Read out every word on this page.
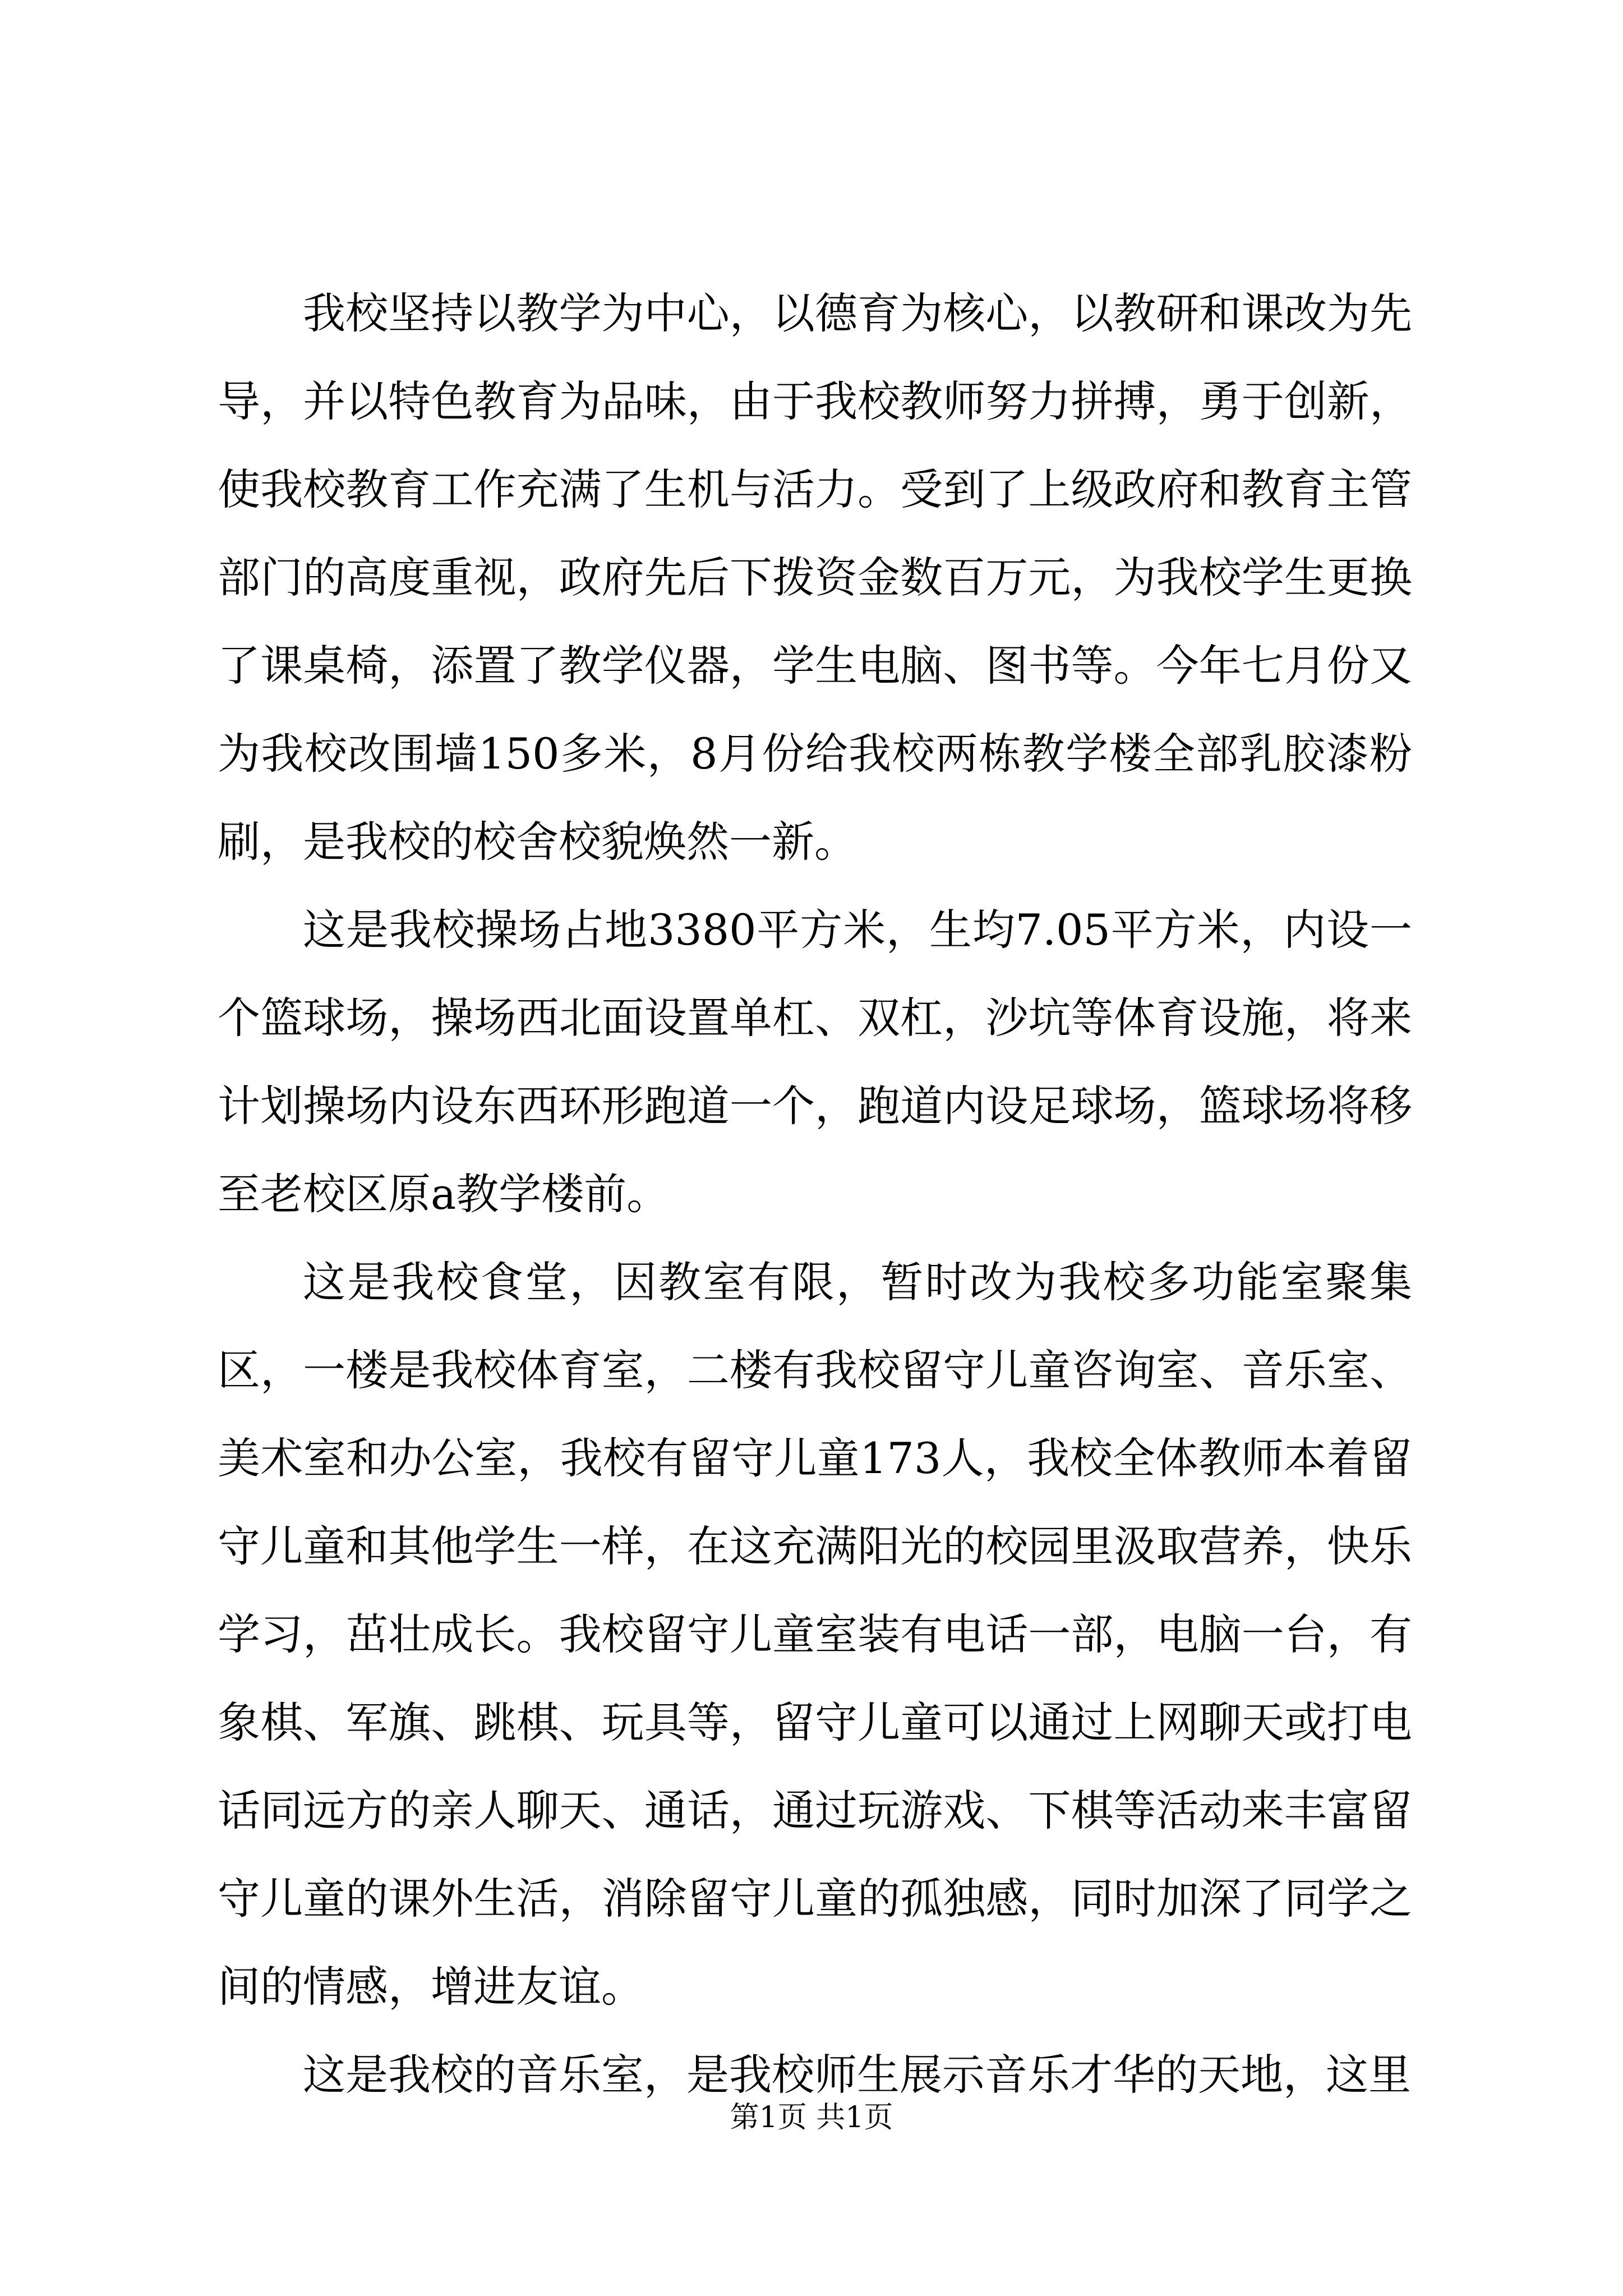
我校坚持以教学为中心，以德育为核心，以教研和课改为先导，并以特色教育为品味，由于我校教师努力拼搏，勇于创新，使我校教育工作充满了生机与活力。受到了上级政府和教育主管部门的高度重视，政府先后下拨资金数百万元，为我校学生更换了课桌椅，添置了教学仪器，学生电脑、图书等。今年七月份又为我校改围墙150多米，8月份给我校两栋教学楼全部乳胶漆粉刷，是我校的校舍校貌焕然一新。

这是我校操场占地3380平方米，生均7.05平方米，内设一个篮球场，操场西北面设置单杠、双杠，沙坑等体育设施，将来计划操场内设东西环形跑道一个，跑道内设足球场，篮球场将移至老校区原a教学楼前。

这是我校食堂，因教室有限，暂时改为我校多功能室聚集区，一楼是我校体育室，二楼有我校留守儿童咨询室、音乐室、美术室和办公室，我校有留守儿童173人，我校全体教师本着留守儿童和其他学生一样，在这充满阳光的校园里汲取营养，快乐学习，茁壮成长。我校留守儿童室装有电话一部，电脑一台，有象棋、军旗、跳棋、玩具等，留守儿童可以通过上网聊天或打电话同远方的亲人聊天、通话，通过玩游戏、下棋等活动来丰富留守儿童的课外生活，消除留守儿童的孤独感，同时加深了同学之间的情感，增进友谊。

这是我校的音乐室，是我校师生展示音乐才华的天地，这里

第1页 共1页
